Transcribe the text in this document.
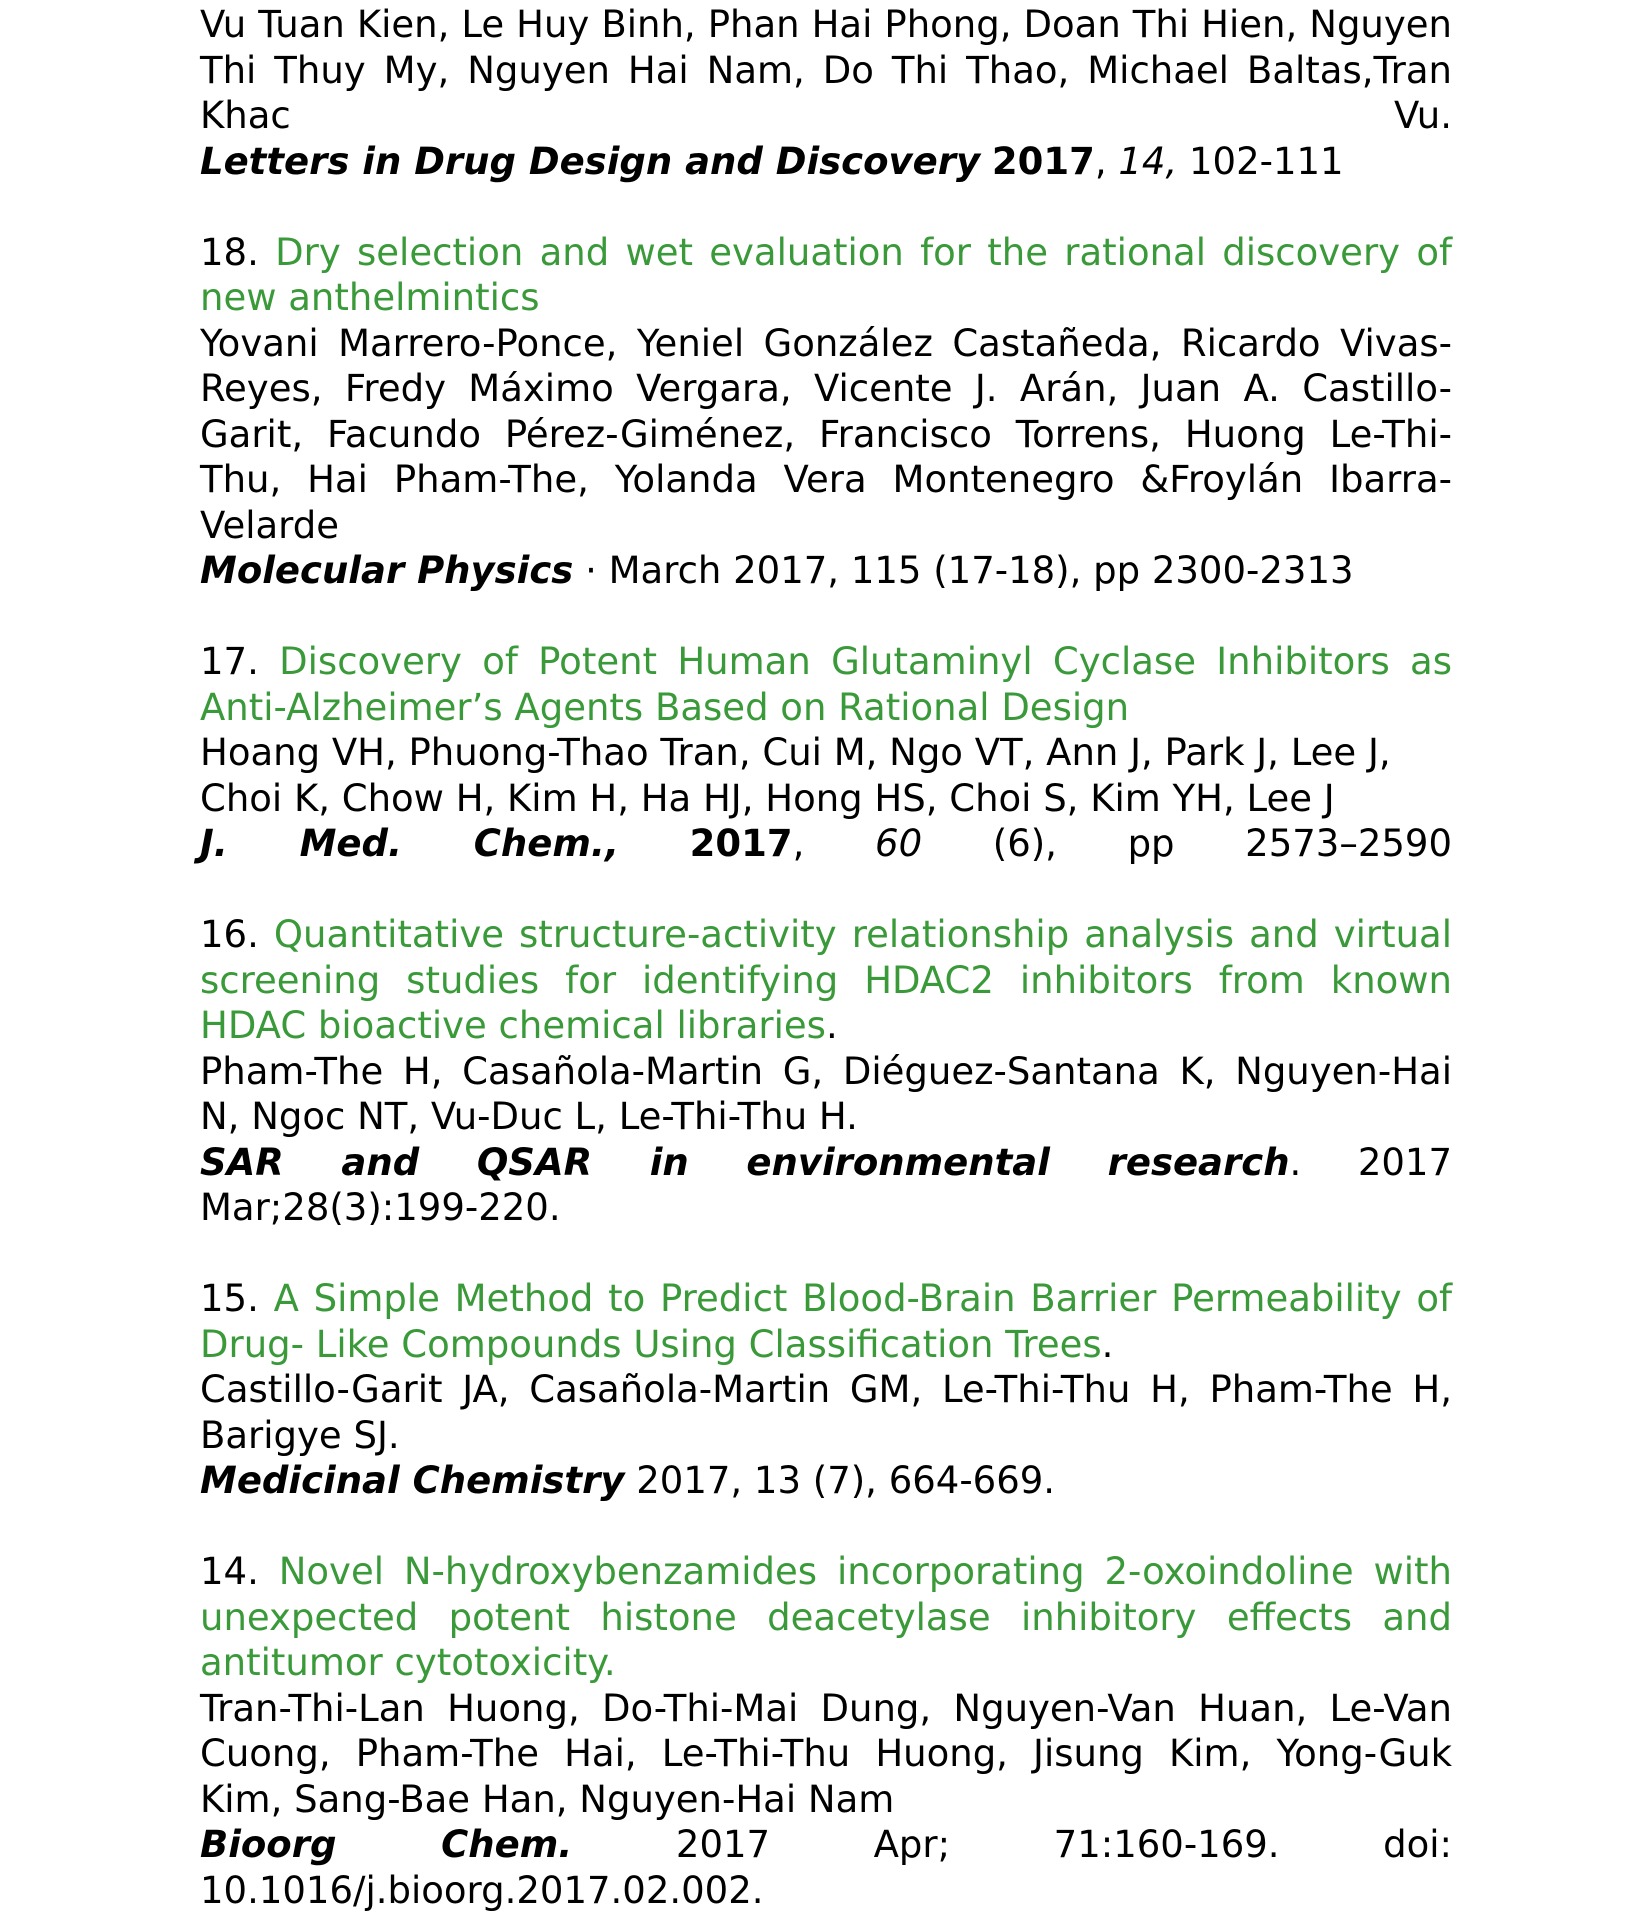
Vu Tuan Kien, Le Huy Binh, Phan Hai Phong, Doan Thi Hien, Nguyen Thi Thuy My, Nguyen Hai Nam, Do Thi Thao, Michael Baltas,Tran Khac Vu.

Letters in Drug Design and Discovery 2017, 14, 102-111

18. Dry selection and wet evaluation for the rational discovery of new anthelmintics

Yovani Marrero-Ponce, Yeniel González Castañeda, Ricardo Vivas-Reyes, Fredy Máximo Vergara, Vicente J. Arán, Juan A. Castillo-Garit, Facundo Pérez-Giménez, Francisco Torrens, Huong Le-Thi-Thu, Hai Pham-The, Yolanda Vera Montenegro &Froylán Ibarra-Velarde

Molecular Physics · March 2017, 115 (17-18), pp 2300-2313

17. Discovery of Potent Human Glutaminyl Cyclase Inhibitors as Anti-Alzheimer’s Agents Based on Rational Design

Hoang VH, Phuong-Thao Tran, Cui M, Ngo VT, Ann J, Park J, Lee J, Choi K, Chow H, Kim H, Ha HJ, Hong HS, Choi S, Kim YH, Lee J

J. Med. Chem., 2017, 60 (6), pp 2573–2590

16. Quantitative structure-activity relationship analysis and virtual screening studies for identifying HDAC2 inhibitors from known HDAC bioactive chemical libraries.

Pham-The H, Casañola-Martin G, Diéguez-Santana K, Nguyen-Hai N, Ngoc NT, Vu-Duc L, Le-Thi-Thu H.

SAR and QSAR in environmental research. 2017 Mar;28(3):199-220.

15. A Simple Method to Predict Blood-Brain Barrier Permeability of Drug- Like Compounds Using Classification Trees.

Castillo-Garit JA, Casañola-Martin GM, Le-Thi-Thu H, Pham-The H, Barigye SJ.

Medicinal Chemistry 2017, 13 (7), 664-669.

14. Novel N-hydroxybenzamides incorporating 2-oxoindoline with unexpected potent histone deacetylase inhibitory effects and antitumor cytotoxicity.

Tran-Thi-Lan Huong, Do-Thi-Mai Dung, Nguyen-Van Huan, Le-Van Cuong, Pham-The Hai, Le-Thi-Thu Huong, Jisung Kim, Yong-Guk Kim, Sang-Bae Han, Nguyen-Hai Nam

Bioorg Chem. 2017 Apr; 71:160-169. doi: 10.1016/j.bioorg.2017.02.002.
